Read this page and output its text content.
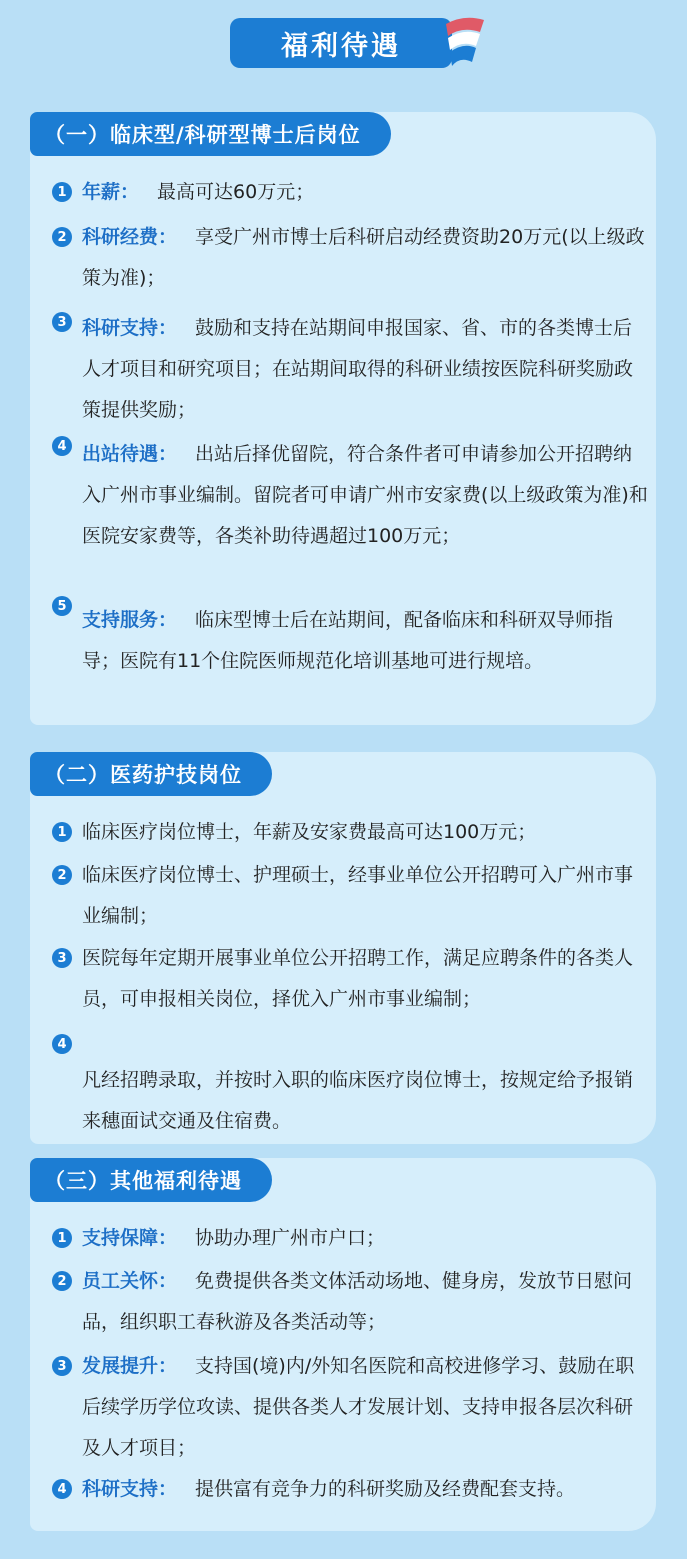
福利待遇
（一）临床型/科研型博士后岗位
1 年薪： 最高可达60万元；
2 科研经费： 享受广州市博士后科研启动经费资助20万元(以上级政策为准)；
3 科研支持： 鼓励和支持在站期间申报国家、省、市的各类博士后人才项目和研究项目；在站期间取得的科研业绩按医院科研奖励政策提供奖励；
4 出站待遇： 出站后择优留院，符合条件者可申请参加公开招聘纳入广州市事业编制。留院者可申请广州市安家费(以上级政策为准)和医院安家费等，各类补助待遇超过100万元；
5
支持服务： 临床型博士后在站期间，配备临床和科研双导师指导；医院有11个住院医师规范化培训基地可进行规培。
（二）医药护技岗位
1 临床医疗岗位博士，年薪及安家费最高可达100万元；
2 临床医疗岗位博士、护理硕士，经事业单位公开招聘可入广州市事业编制；
3 医院每年定期开展事业单位公开招聘工作，满足应聘条件的各类人员，可申报相关岗位，择优入广州市事业编制；
4
凡经招聘录取，并按时入职的临床医疗岗位博士，按规定给予报销来穗面试交通及住宿费。
（三）其他福利待遇
1 支持保障： 协助办理广州市户口；
2 员工关怀： 免费提供各类文体活动场地、健身房，发放节日慰问品，组织职工春秋游及各类活动等；
3 发展提升： 支持国(境)内/外知名医院和高校进修学习、鼓励在职后续学历学位攻读、提供各类人才发展计划、支持申报各层次科研及人才项目；
4 科研支持： 提供富有竞争力的科研奖励及经费配套支持。
